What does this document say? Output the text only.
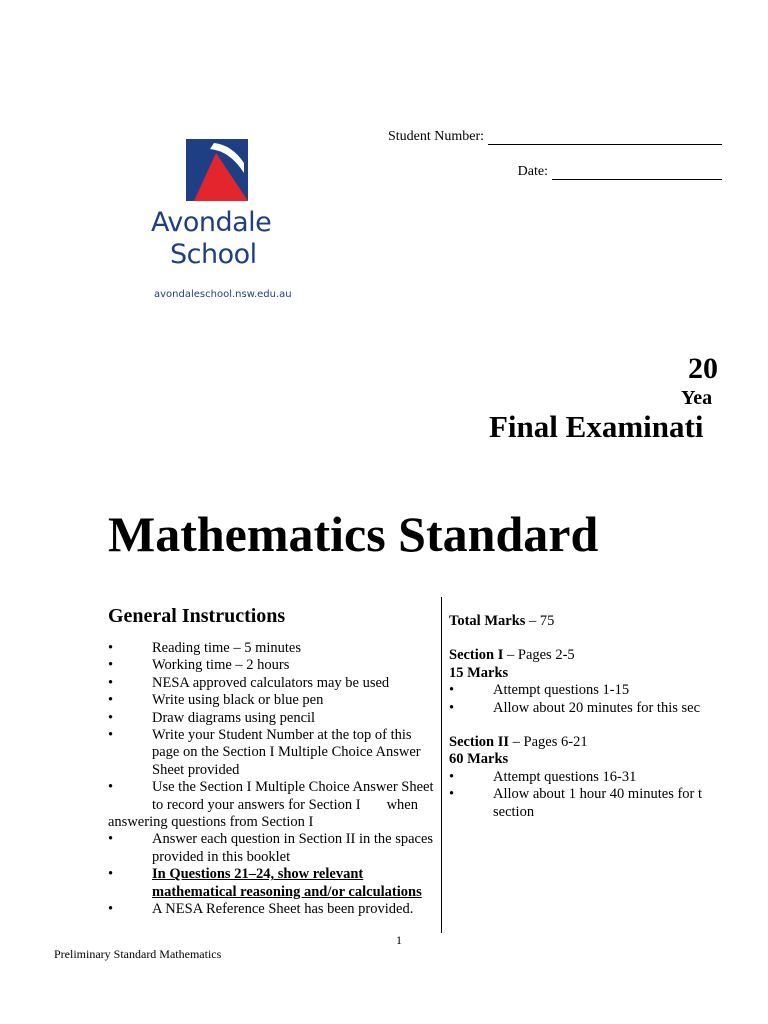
Student Number:
Date:
Avondale
School
avondaleschool.nsw.edu.au
20
Yea
Final Examinati
Mathematics Standard
General Instructions
•	Reading time – 5 minutes
•	Working time – 2 hours
•	NESA approved calculators may be used
•	Write using black or blue pen
•	Draw diagrams using pencil
•	Write your Student Number at the top of this page on the Section I Multiple Choice Answer Sheet provided
•	Use the Section I Multiple Choice Answer Sheet
to record your answers for Section I when
answering questions from Section I
•	Answer each question in Section II in the spaces provided in this booklet
•	In Questions 21–24, show relevant mathematical reasoning and/or calculations
•	A NESA Reference Sheet has been provided.

Total Marks – 75

Section I – Pages 2-5

15 Marks

•	Attempt questions 1-15
•	Allow about 20 minutes for this sec

Section II – Pages 6-21

60 Marks

•	Attempt questions 16-31
•	Allow about 1 hour 40 minutes for t
section
1
Preliminary Standard Mathematics
